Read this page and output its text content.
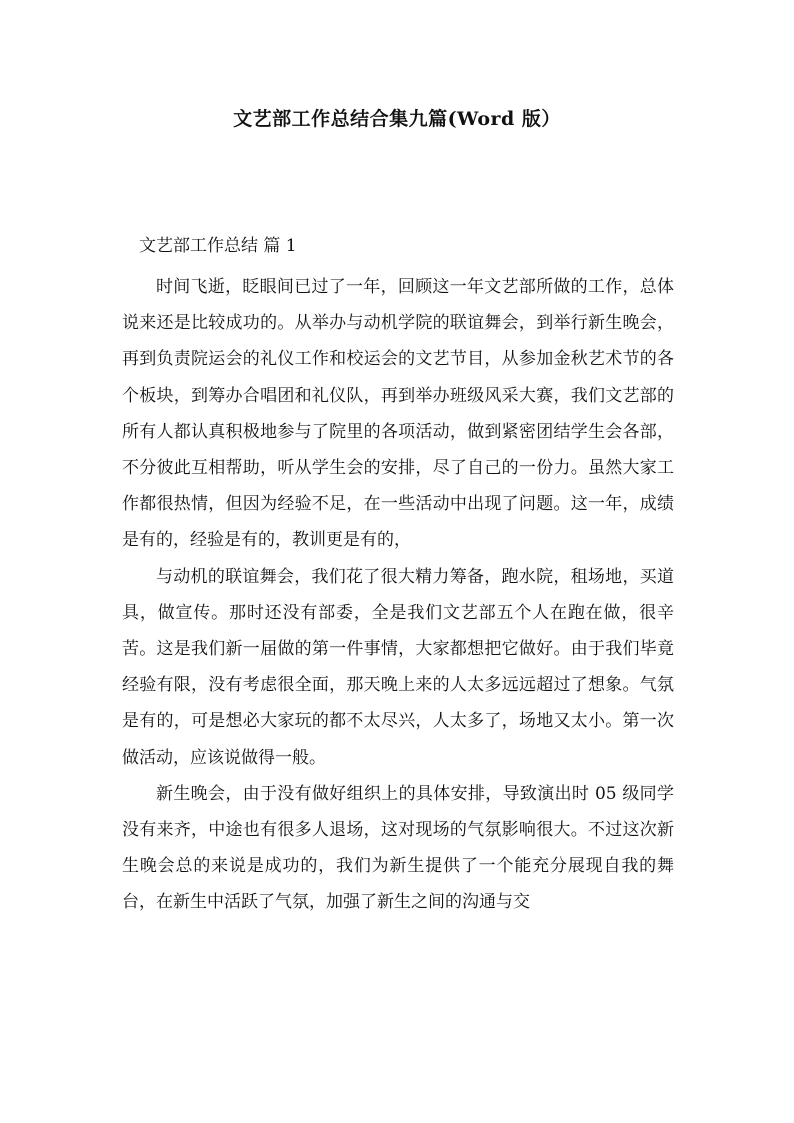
文艺部工作总结合集九篇(Word 版）
文艺部工作总结 篇 1

时间飞逝，眨眼间已过了一年，回顾这一年文艺部所做的工作，总体说来还是比较成功的。从举办与动机学院的联谊舞会，到举行新生晚会，再到负责院运会的礼仪工作和校运会的文艺节目，从参加金秋艺术节的各个板块，到筹办合唱团和礼仪队，再到举办班级风采大赛，我们文艺部的所有人都认真积极地参与了院里的各项活动，做到紧密团结学生会各部，不分彼此互相帮助，听从学生会的安排，尽了自己的一份力。虽然大家工作都很热情，但因为经验不足，在一些活动中出现了问题。这一年，成绩是有的，经验是有的，教训更是有的，

与动机的联谊舞会，我们花了很大精力筹备，跑水院，租场地，买道具，做宣传。那时还没有部委，全是我们文艺部五个人在跑在做，很辛苦。这是我们新一届做的第一件事情，大家都想把它做好。由于我们毕竟经验有限，没有考虑很全面，那天晚上来的人太多远远超过了想象。气氛是有的，可是想必大家玩的都不太尽兴，人太多了，场地又太小。第一次做活动，应该说做得一般。

新生晚会，由于没有做好组织上的具体安排，导致演出时 05 级同学没有来齐，中途也有很多人退场，这对现场的气氛影响很大。不过这次新生晚会总的来说是成功的，我们为新生提供了一个能充分展现自我的舞台，在新生中活跃了气氛，加强了新生之间的沟通与交
